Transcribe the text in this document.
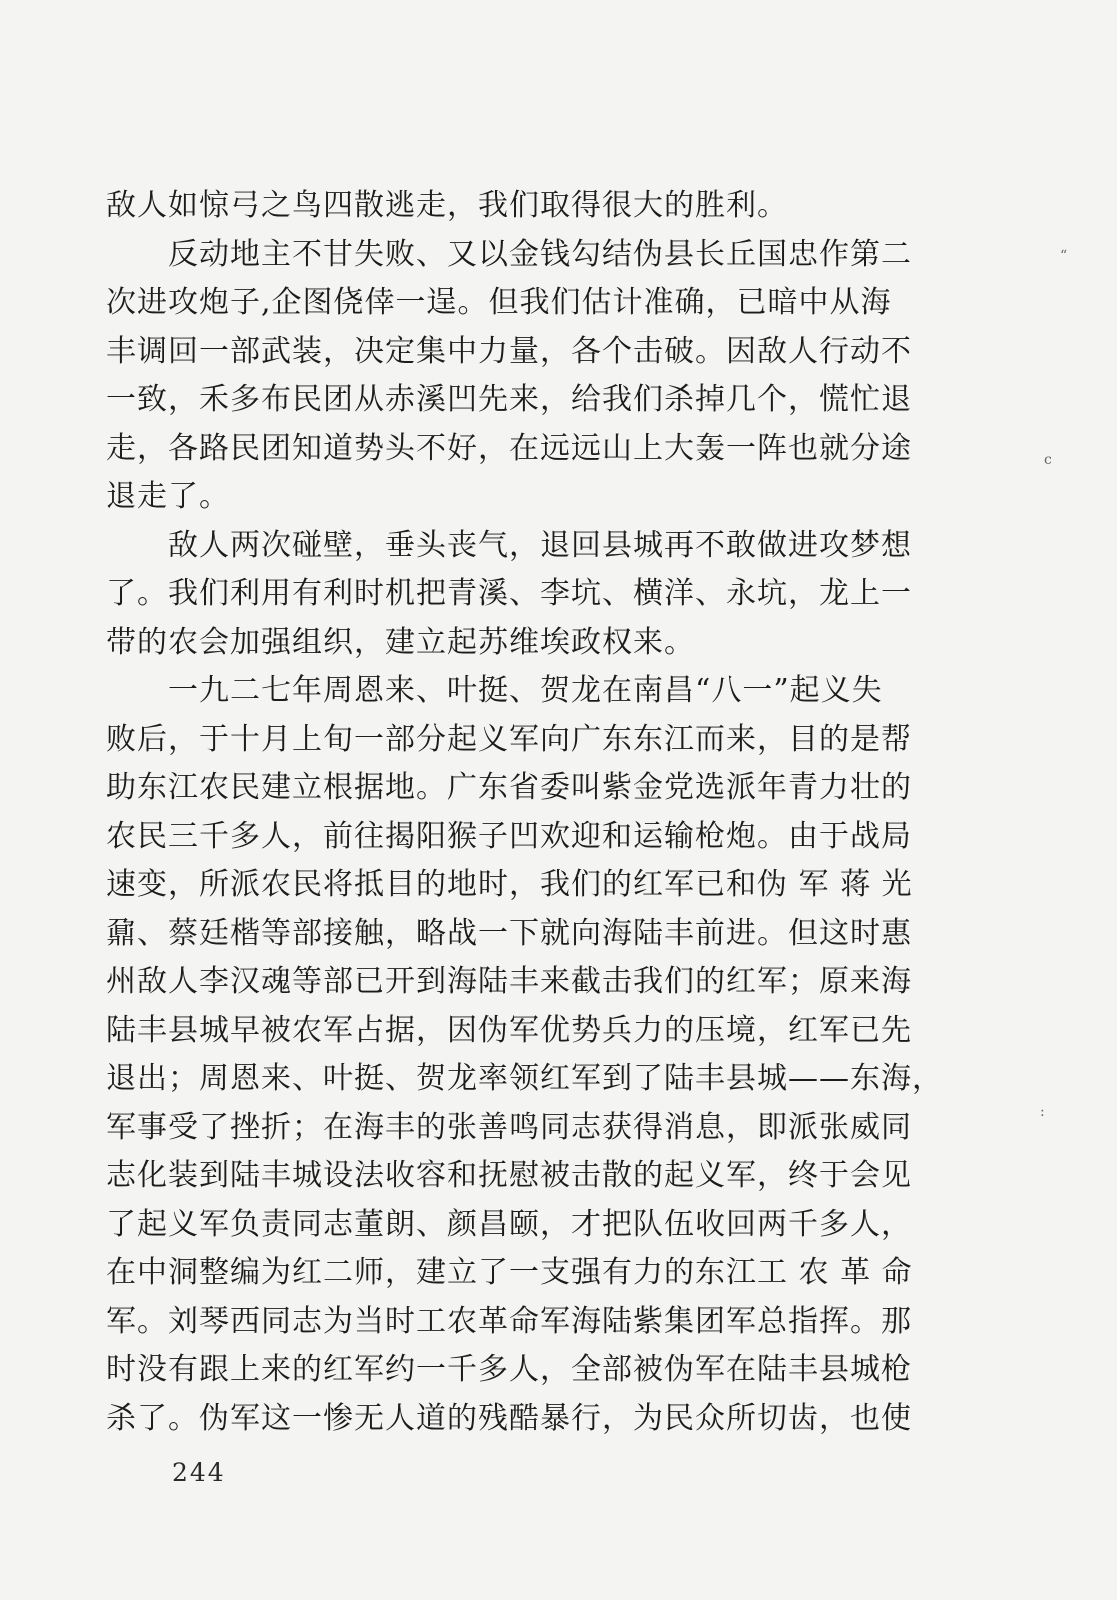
敌人如惊弓之鸟四散逃走，我们取得很大的胜利。
　　反动地主不甘失败、又以金钱勾结伪县长丘国忠作第二
次进攻炮子,企图侥倖一逞。但我们估计准确，已暗中从海
丰调回一部武装，决定集中力量，各个击破。因敌人行动不
一致，禾多布民团从赤溪凹先来，给我们杀掉几个，慌忙退
走，各路民团知道势头不好，在远远山上大轰一阵也就分途
退走了。
　　敌人两次碰壁，垂头丧气，退回县城再不敢做进攻梦想
了。我们利用有利时机把青溪、李坑、横洋、永坑，龙上一
带的农会加强组织，建立起苏维埃政权来。
　　一九二七年周恩来、叶挺、贺龙在南昌“八一”起义失
败后，于十月上旬一部分起义军向广东东江而来，目的是帮
助东江农民建立根据地。广东省委叫紫金党选派年青力壮的
农民三千多人，前往揭阳猴子凹欢迎和运输枪炮。由于战局
速变，所派农民将抵目的地时，我们的红军已和伪 军 蒋 光
鼐、蔡廷楷等部接触，略战一下就向海陆丰前进。但这时惠
州敌人李汉魂等部已开到海陆丰来截击我们的红军；原来海
陆丰县城早被农军占据，因伪军优势兵力的压境，红军已先
退出；周恩来、叶挺、贺龙率领红军到了陆丰县城——东海，
军事受了挫折；在海丰的张善鸣同志获得消息，即派张威同
志化装到陆丰城设法收容和抚慰被击散的起义军，终于会见
了起义军负责同志董朗、颜昌颐，才把队伍收回两千多人，
在中洞整编为红二师，建立了一支强有力的东江工 农 革 命
军。刘琴西同志为当时工农革命军海陆紫集团军总指挥。那
时没有跟上来的红军约一千多人，全部被伪军在陆丰县城枪
杀了。伪军这一惨无人道的残酷暴行，为民众所切齿，也使
244
“
c
:
